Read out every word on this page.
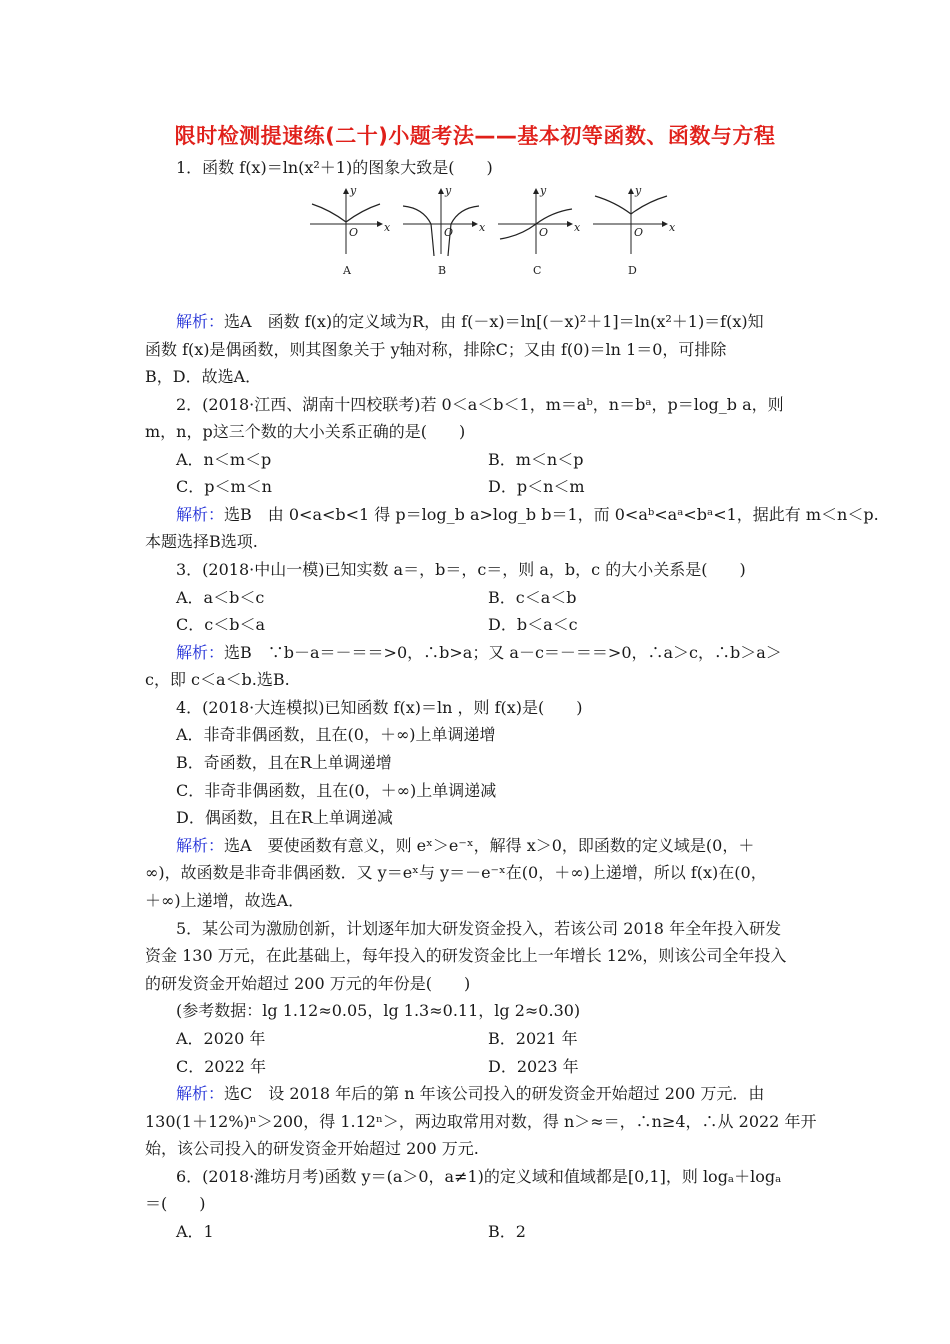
限时检测提速练(二十)小题考法——基本初等函数、函数与方程
1．函数 f(x)＝ln(x²＋1)的图象大致是(　　)
y
x
O
A
y
x
O
B
y
x
O
C
y
x
O
D
解析：选A　函数 f(x)的定义域为R，由 f(－x)＝ln[(－x)²＋1]＝ln(x²＋1)＝f(x)知
函数 f(x)是偶函数，则其图象关于 y轴对称，排除C；又由 f(0)＝ln 1＝0，可排除
B，D．故选A．
2．(2018·江西、湖南十四校联考)若 0＜a＜b＜1，m＝aᵇ，n＝bᵃ，p＝log_b a，则
m，n，p这三个数的大小关系正确的是(　　)
A．n＜m＜p	B．m＜n＜p
C．p＜m＜n	D．p＜n＜m
解析：选B　由 0<a<b<1 得 p＝log_b a>log_b b＝1，而 0<aᵇ<aᵃ<bᵃ<1，据此有 m＜n＜p.
本题选择B选项.
3．(2018·中山一模)已知实数 a＝，b＝，c＝，则 a，b，c 的大小关系是(　　)
A．a＜b＜c	B．c＜a＜b
C．c＜b＜a	D．b＜a＜c
解析：选B　∵b－a＝－＝＝>0，∴b>a；又 a－c＝－＝＝>0，∴a＞c，∴b＞a＞
c，即 c＜a＜b.选B.
4．(2018·大连模拟)已知函数 f(x)＝ln ，则 f(x)是(　　)
A．非奇非偶函数，且在(0，＋∞)上单调递增
B．奇函数，且在R上单调递增
C．非奇非偶函数，且在(0，＋∞)上单调递减
D．偶函数，且在R上单调递减
解析：选A　要使函数有意义，则 eˣ＞e⁻ˣ，解得 x＞0，即函数的定义域是(0，＋
∞)，故函数是非奇非偶函数．又 y＝eˣ与 y＝－e⁻ˣ在(0，＋∞)上递增，所以 f(x)在(0，
＋∞)上递增，故选A．
5．某公司为激励创新，计划逐年加大研发资金投入，若该公司 2018 年全年投入研发
资金 130 万元，在此基础上，每年投入的研发资金比上一年增长 12%，则该公司全年投入
的研发资金开始超过 200 万元的年份是(　　)
(参考数据：lg 1.12≈0.05，lg 1.3≈0.11，lg 2≈0.30)
A．2020 年	B．2021 年
C．2022 年	D．2023 年
解析：选C　设 2018 年后的第 n 年该公司投入的研发资金开始超过 200 万元．由
130(1＋12%)ⁿ＞200，得 1.12ⁿ＞，两边取常用对数，得 n＞≈＝，∴n≥4，∴从 2022 年开
始，该公司投入的研发资金开始超过 200 万元.
6．(2018·潍坊月考)函数 y＝(a＞0，a≠1)的定义域和值域都是[0,1]，则 logₐ＋logₐ
＝(　　)
A．1	B．2
